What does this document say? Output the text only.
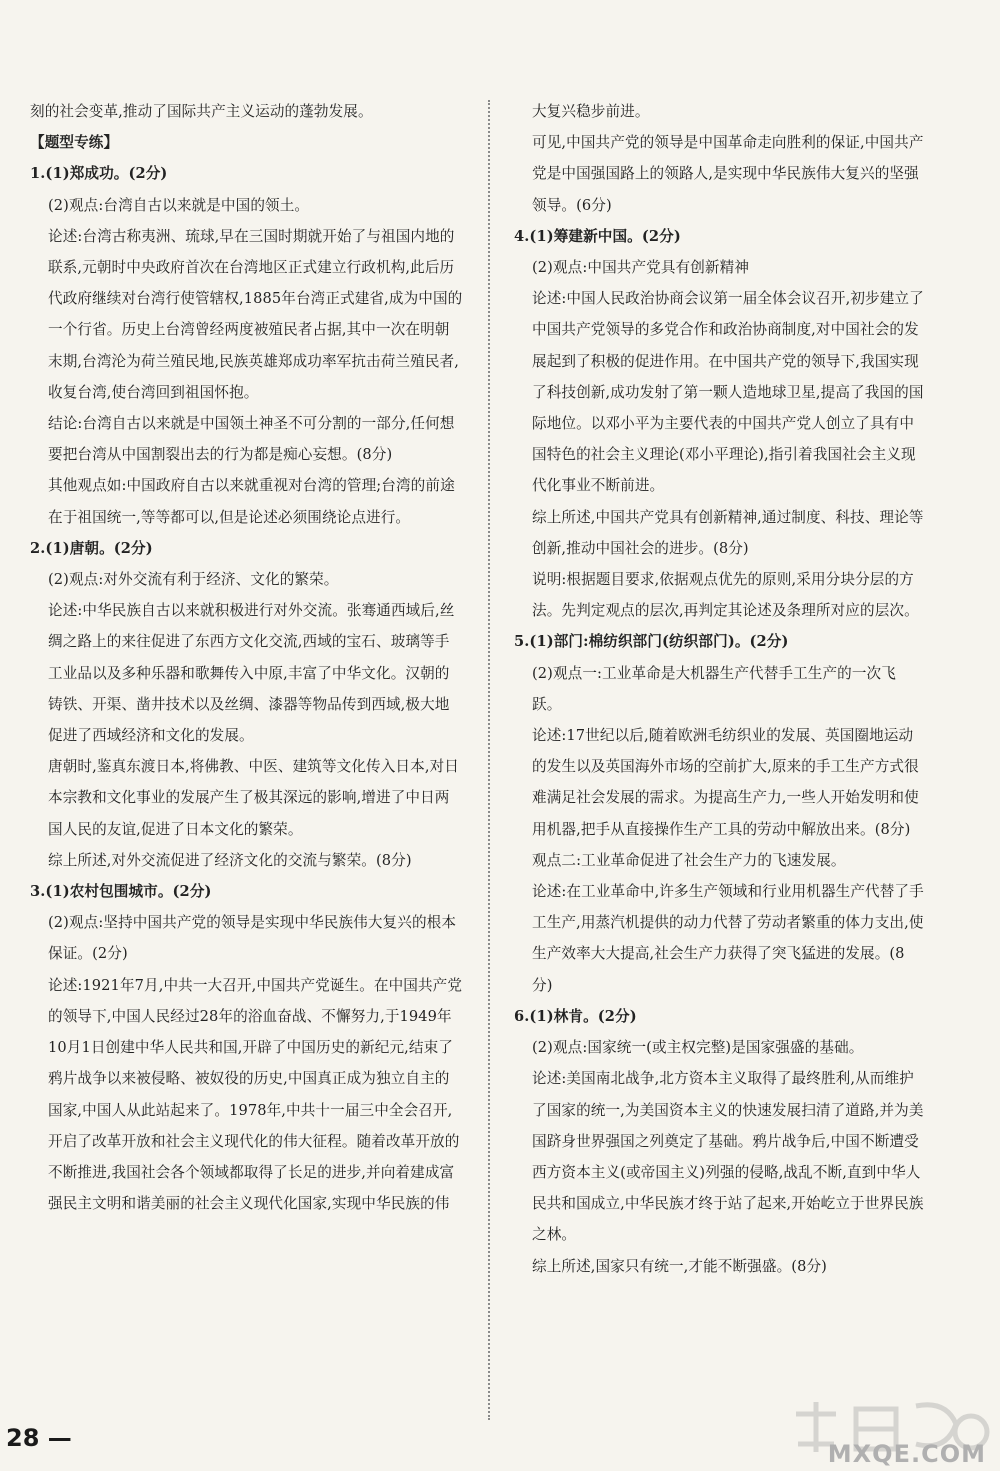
刻的社会变革,推动了国际共产主义运动的蓬勃发展。

【题型专练】

1.(1)郑成功。(2分)

(2)观点:台湾自古以来就是中国的领土。

论述:台湾古称夷洲、琉球,早在三国时期就开始了与祖国内地的联系,元朝时中央政府首次在台湾地区正式建立行政机构,此后历代政府继续对台湾行使管辖权,1885年台湾正式建省,成为中国的一个行省。历史上台湾曾经两度被殖民者占据,其中一次在明朝末期,台湾沦为荷兰殖民地,民族英雄郑成功率军抗击荷兰殖民者,收复台湾,使台湾回到祖国怀抱。

结论:台湾自古以来就是中国领土神圣不可分割的一部分,任何想要把台湾从中国割裂出去的行为都是痴心妄想。(8分)

其他观点如:中国政府自古以来就重视对台湾的管理;台湾的前途在于祖国统一,等等都可以,但是论述必须围绕论点进行。

2.(1)唐朝。(2分)

(2)观点:对外交流有利于经济、文化的繁荣。

论述:中华民族自古以来就积极进行对外交流。张骞通西域后,丝绸之路上的来往促进了东西方文化交流,西域的宝石、玻璃等手工业品以及多种乐器和歌舞传入中原,丰富了中华文化。汉朝的铸铁、开渠、凿井技术以及丝绸、漆器等物品传到西域,极大地促进了西域经济和文化的发展。

唐朝时,鉴真东渡日本,将佛教、中医、建筑等文化传入日本,对日本宗教和文化事业的发展产生了极其深远的影响,增进了中日两国人民的友谊,促进了日本文化的繁荣。

综上所述,对外交流促进了经济文化的交流与繁荣。(8分)

3.(1)农村包围城市。(2分)

(2)观点:坚持中国共产党的领导是实现中华民族伟大复兴的根本保证。(2分)

论述:1921年7月,中共一大召开,中国共产党诞生。在中国共产党的领导下,中国人民经过28年的浴血奋战、不懈努力,于1949年10月1日创建中华人民共和国,开辟了中国历史的新纪元,结束了鸦片战争以来被侵略、被奴役的历史,中国真正成为独立自主的国家,中国人从此站起来了。1978年,中共十一届三中全会召开,开启了改革开放和社会主义现代化的伟大征程。随着改革开放的不断推进,我国社会各个领域都取得了长足的进步,并向着建成富强民主文明和谐美丽的社会主义现代化国家,实现中华民族的伟

大复兴稳步前进。

可见,中国共产党的领导是中国革命走向胜利的保证,中国共产党是中国强国路上的领路人,是实现中华民族伟大复兴的坚强领导。(6分)

4.(1)筹建新中国。(2分)

(2)观点:中国共产党具有创新精神

论述:中国人民政治协商会议第一届全体会议召开,初步建立了中国共产党领导的多党合作和政治协商制度,对中国社会的发展起到了积极的促进作用。在中国共产党的领导下,我国实现了科技创新,成功发射了第一颗人造地球卫星,提高了我国的国际地位。以邓小平为主要代表的中国共产党人创立了具有中国特色的社会主义理论(邓小平理论),指引着我国社会主义现代化事业不断前进。

综上所述,中国共产党具有创新精神,通过制度、科技、理论等创新,推动中国社会的进步。(8分)

说明:根据题目要求,依据观点优先的原则,采用分块分层的方法。先判定观点的层次,再判定其论述及条理所对应的层次。

5.(1)部门:棉纺织部门(纺织部门)。(2分)

(2)观点一:工业革命是大机器生产代替手工生产的一次飞跃。

论述:17世纪以后,随着欧洲毛纺织业的发展、英国圈地运动的发生以及英国海外市场的空前扩大,原来的手工生产方式很难满足社会发展的需求。为提高生产力,一些人开始发明和使用机器,把手从直接操作生产工具的劳动中解放出来。(8分)

观点二:工业革命促进了社会生产力的飞速发展。

论述:在工业革命中,许多生产领域和行业用机器生产代替了手工生产,用蒸汽机提供的动力代替了劳动者繁重的体力支出,使生产效率大大提高,社会生产力获得了突飞猛进的发展。(8分)

6.(1)林肯。(2分)

(2)观点:国家统一(或主权完整)是国家强盛的基础。

论述:美国南北战争,北方资本主义取得了最终胜利,从而维护了国家的统一,为美国资本主义的快速发展扫清了道路,并为美国跻身世界强国之列奠定了基础。鸦片战争后,中国不断遭受西方资本主义(或帝国主义)列强的侵略,战乱不断,直到中华人民共和国成立,中华民族才终于站了起来,开始屹立于世界民族之林。

综上所述,国家只有统一,才能不断强盛。(8分)

28 —
MXQE.COM
